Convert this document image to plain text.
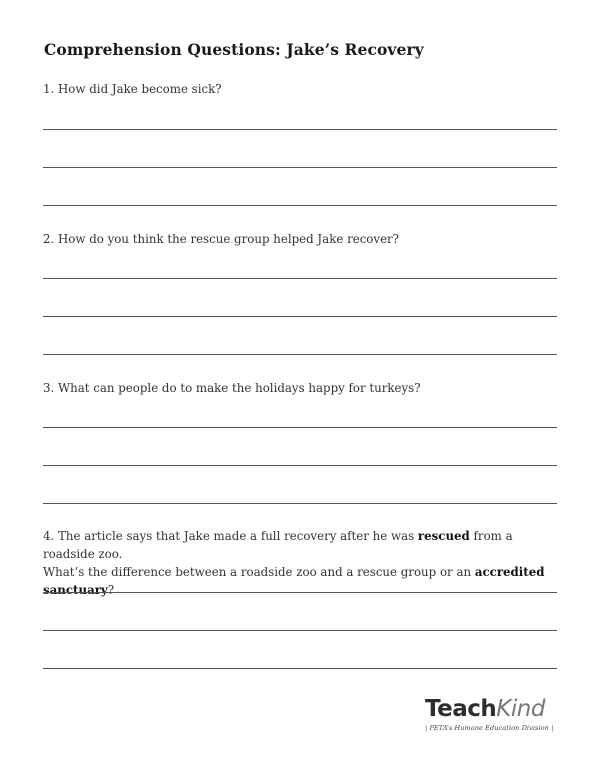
Comprehension Questions: Jake’s Recovery
1. How did Jake become sick?
2. How do you think the rescue group helped Jake recover?
3. What can people do to make the holidays happy for turkeys?
4. The article says that Jake made a full recovery after he was rescued from a roadside zoo.
What’s the difference between a roadside zoo and a rescue group or an accredited sanctuary?
TeachKind
| PETA’s Humane Education Division |
